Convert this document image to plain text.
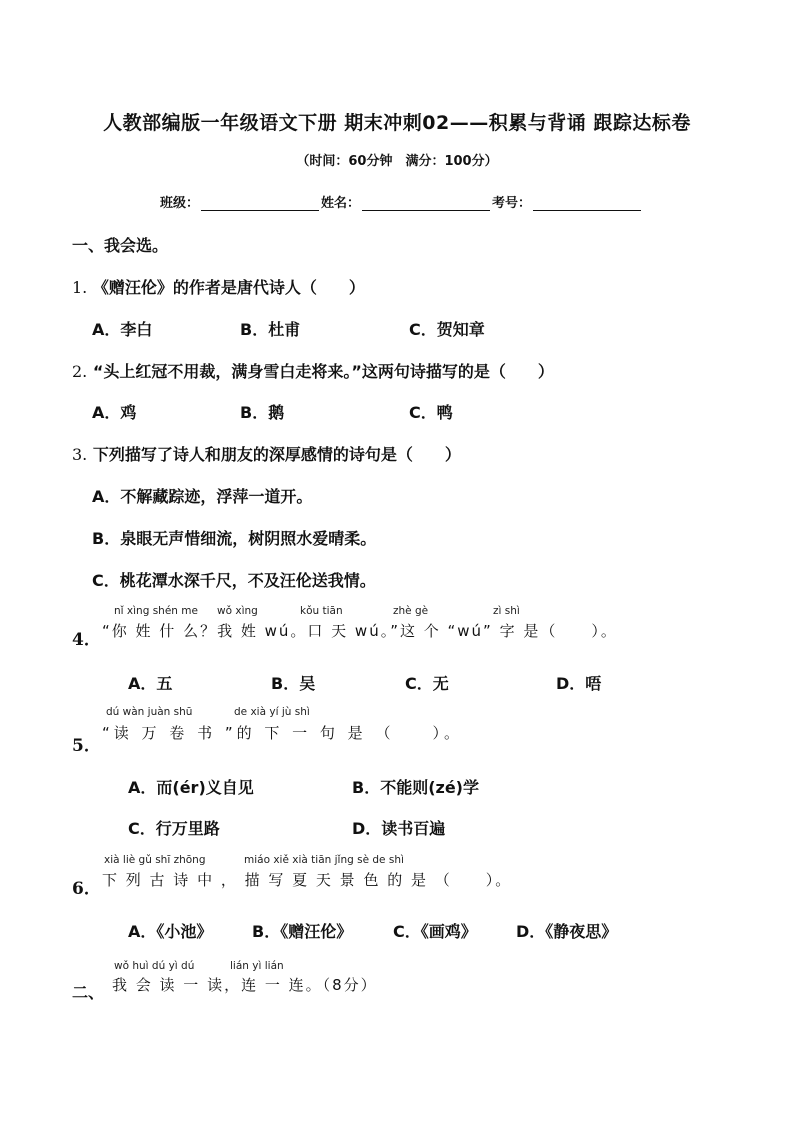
人教部编版一年级语文下册 期末冲刺02——积累与背诵 跟踪达标卷
（时间：60分钟　满分：100分）
班级：	姓名：	考号：
一、我会选。
1. 《赠汪伦》的作者是唐代诗人（　　）
A．李白	B．杜甫	C．贺知章
2. “头上红冠不用裁，满身雪白走将来。”这两句诗描写的是（　　）
A．鸡	B．鹅	C．鸭
3. 下列描写了诗人和朋友的深厚感情的诗句是（　　）
A．不解藏踪迹，浮萍一道开。
B．泉眼无声惜细流，树阴照水爱晴柔。
C．桃花潭水深千尺，不及汪伦送我情。
nǐ xìng shén me wǒ xìng	kǒu tiān	zhè gè	zì shì
4． “你 姓 什 么？我 姓 wú。口 天 wú。”这 个 “wú” 字 是（　　）。
A．五	B．吴	C．无	D．唔
dú wàn juàn shū	de xià yí jù shì
5．
“读 万 卷 书 ”的 下 一 句 是 （　　）。
A．而(ér)义自见	B．不能则(zé)学
C．行万里路	D．读书百遍
xià liè gǔ shī zhōng	miáo xiě xià tiān jǐng sè de shì
6． 下 列 古 诗 中 ， 描 写 夏 天 景 色 的 是 （　　）。
A．《小池》 B．《赠汪伦》	C．《画鸡》 D．《静夜思》
wǒ huì dú yì dú	lián yì lián
二、 我 会 读 一 读，连 一 连。（8分）
